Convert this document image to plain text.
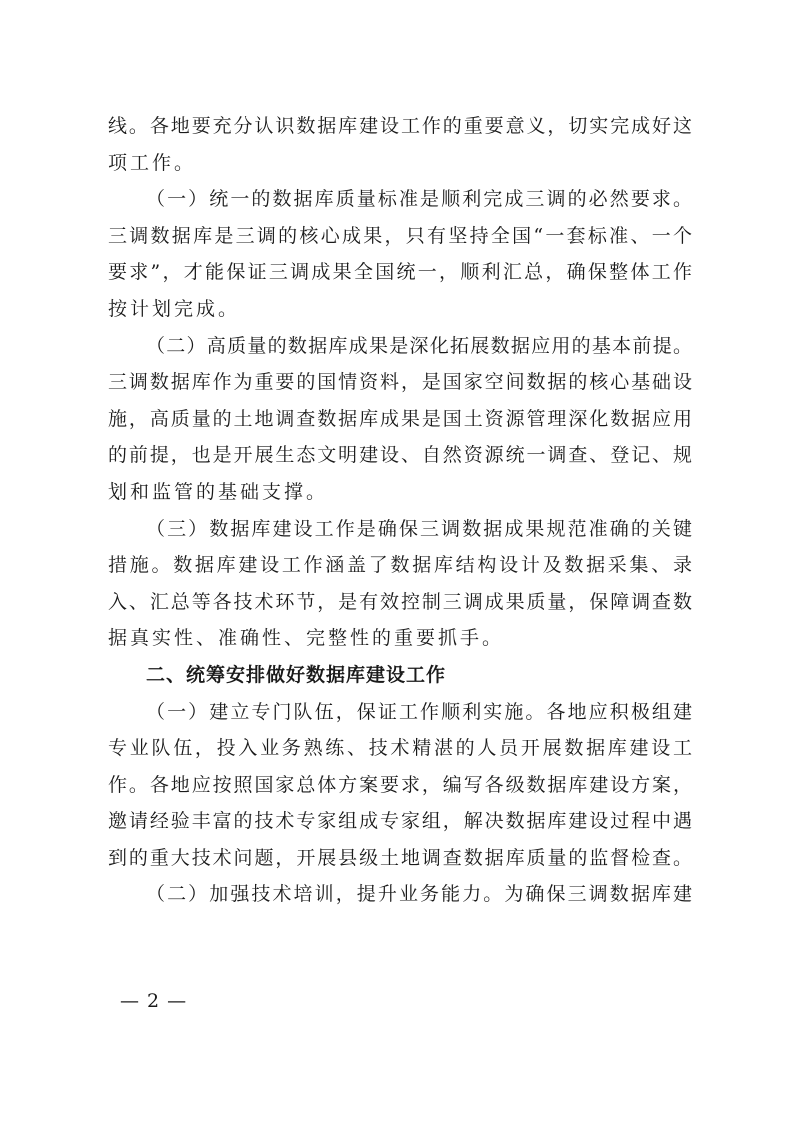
线。各地要充分认识数据库建设工作的重要意义，切实完成好这
项工作。
（一）统一的数据库质量标准是顺利完成三调的必然要求。
三调数据库是三调的核心成果，只有坚持全国“一套标准、一个
要求”，才能保证三调成果全国统一，顺利汇总，确保整体工作
按计划完成。
（二）高质量的数据库成果是深化拓展数据应用的基本前提。
三调数据库作为重要的国情资料，是国家空间数据的核心基础设
施，高质量的土地调查数据库成果是国土资源管理深化数据应用
的前提，也是开展生态文明建设、自然资源统一调查、登记、规
划和监管的基础支撑。
（三）数据库建设工作是确保三调数据成果规范准确的关键
措施。数据库建设工作涵盖了数据库结构设计及数据采集、录
入、汇总等各技术环节，是有效控制三调成果质量，保障调查数
据真实性、准确性、完整性的重要抓手。
二、统筹安排做好数据库建设工作
（一）建立专门队伍，保证工作顺利实施。各地应积极组建
专业队伍，投入业务熟练、技术精湛的人员开展数据库建设工
作。各地应按照国家总体方案要求，编写各级数据库建设方案，
邀请经验丰富的技术专家组成专家组，解决数据库建设过程中遇
到的重大技术问题，开展县级土地调查数据库质量的监督检查。
（二）加强技术培训，提升业务能力。为确保三调数据库建
— 2 —
